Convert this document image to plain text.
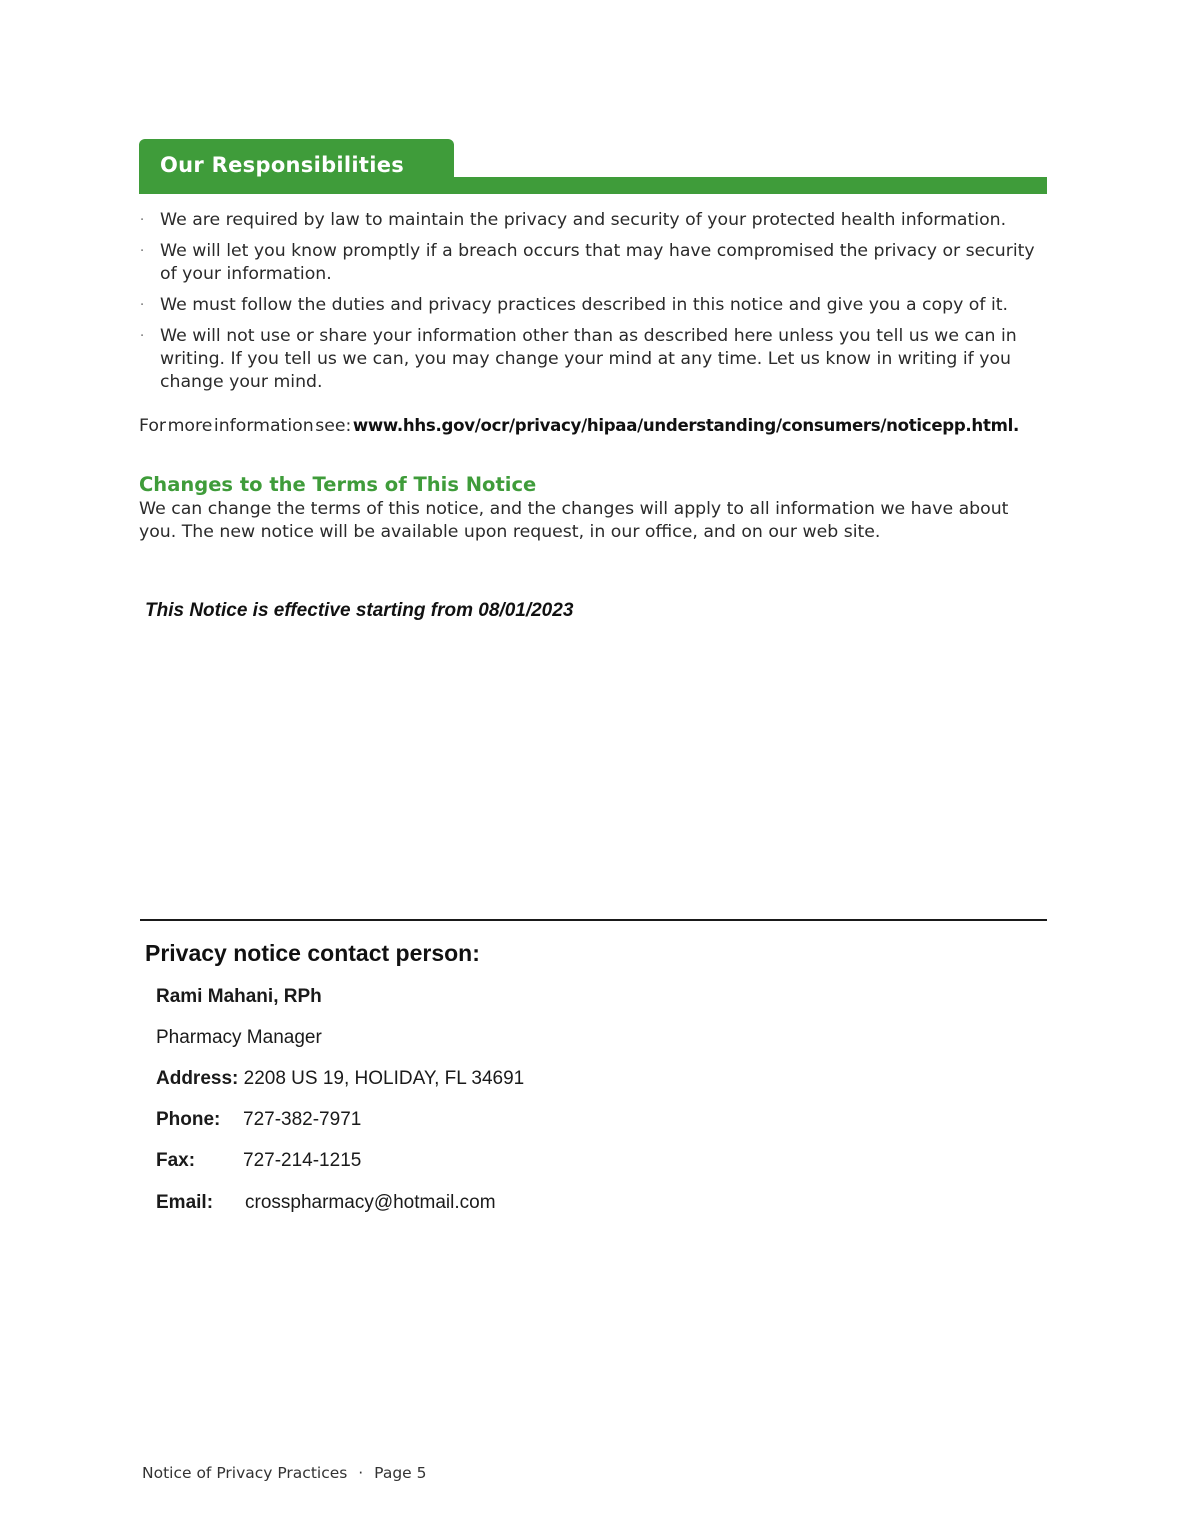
Our Responsibilities
· We are required by law to maintain the privacy and security of your protected health information.
· We will let you know promptly if a breach occurs that may have compromised the privacy or security of your information.
· We must follow the duties and privacy practices described in this notice and give you a copy of it.
· We will not use or share your information other than as described here unless you tell us we can in writing. If you tell us we can, you may change your mind at any time. Let us know in writing if you change your mind.
For more information see: www.hhs.gov/ocr/privacy/hipaa/understanding/consumers/noticepp.html.
Changes to the Terms of This Notice
We can change the terms of this notice, and the changes will apply to all information we have about you. The new notice will be available upon request, in our office, and on our web site.
This Notice is effective starting from 08/01/2023
Privacy notice contact person:
Rami Mahani, RPh
Pharmacy Manager
Address: 2208 US 19, HOLIDAY, FL 34691
Phone: 727-382-7971
Fax:	727-214-1215
Email: crosspharmacy@hotmail.com
Notice of Privacy Practices · Page 5
